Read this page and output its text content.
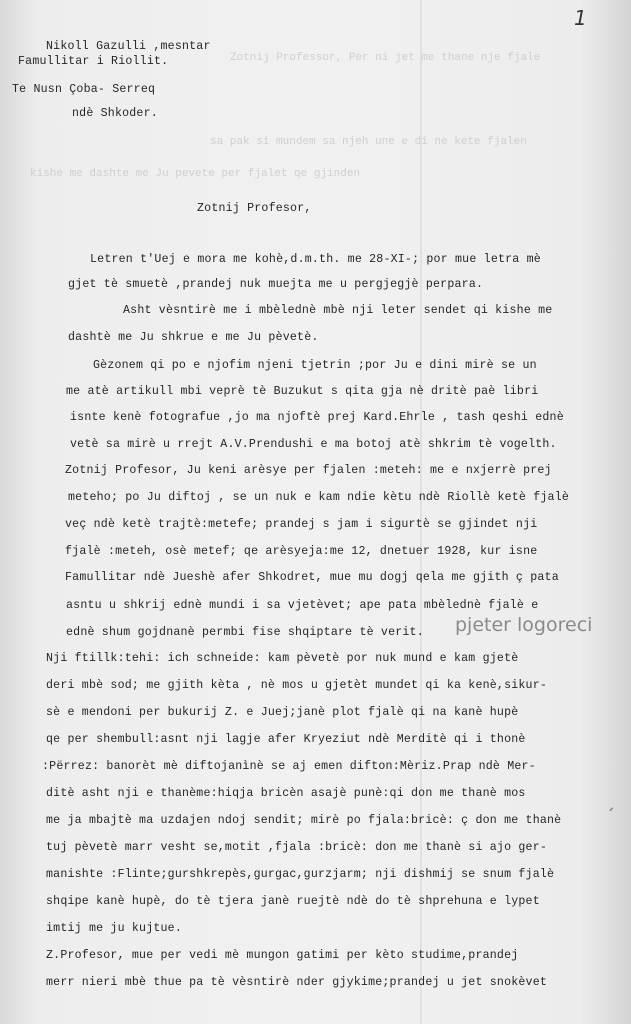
Zotnij Professor, Per ni jet me thane nje fjale
sa pak si mundem sa njeh une e di ne kete fjalen
kishe me dashte me Ju pevete per fjalet qe gjinden
1
Nikoll Gazulli ,mesntar
Famullitar i Riollit.
Te Nusn Çoba- Serreq
ndè Shkoder.
Zotnij Profesor,
Letren t'Uej e mora me kohè,d.m.th. me 28-XI-; por mue letra mè
gjet tè smuetè ,prandej nuk muejta me u pergjegjè perpara.
Asht vèsntirè me i mbèlednè mbè nji leter sendet qi kishe me
dashtè me Ju shkrue e me Ju pèvetè.
Gèzonem qi po e njofim njeni tjetrin ;por Ju e dini mirè se un
me atè artikull mbi veprè tè Buzukut s qita gja nè dritè paè libri
isnte kenè fotografue ,jo ma njoftè prej Kard.Ehrle , tash qeshi ednè
vetè sa mirè u rrejt A.V.Prendushi e ma botoj atè shkrim tè vogelth.
Zotnij Profesor, Ju keni arèsye per fjalen :meteh: me e nxjerrè prej
meteho; po Ju diftoj , se un nuk e kam ndie kètu ndè Riollè ketè fjalè
veç ndè ketè trajtè:metefe; prandej s jam i sigurtè se gjindet nji
fjalè :meteh, osè metef; qe arèsyeja:me 12, dnetuer 1928, kur isne
Famullitar ndè Jueshè afer Shkodret, mue mu dogj qela me gjith ç pata
asntu u shkrij ednè mundi i sa vjetèvet; ape pata mbèlednè fjalè e
ednè shum gojdnanè permbi fise shqiptare tè verit. pjeter logoreci
Nji ftillk:tehi: ich schneide: kam pèvetè por nuk mund e kam gjetè
deri mbè sod; me gjith kèta , nè mos u gjetèt mundet qi ka kenè,sikur-
sè e mendoni per bukurij Z. e Juej;janè plot fjalè qi na kanè hupè
qe per shembull:asnt nji lagje afer Kryeziut ndè Merditè qi i thonè
:Përrez: banorèt mè diftojanìnè se aj emen difton:Mèriz.Prap ndè Mer-
ditè asht nji e thanème:hiqja bricèn asajè punè:qi don me thanè mos
me ja mbajtè ma uzdajen ndoj sendit; mirè po fjala:bricè: ç don me thanè
tuj pèvetè marr vesht se,motit ,fjala :bricè: don me thanè si ajo ger-
manishte :Flinte;gurshkrepès,gurgac,gurzjarm; nji dishmij se snum fjalè
shqipe kanè hupè, do tè tjera janè ruejtè ndè do tè shprehuna e lypet
imtij me ju kujtue.
Z.Profesor, mue per vedi mè mungon gatimi per kèto studime,prandej
merr nieri mbè thue pa tè vèsntirè nder gjykime;prandej u jet snokèvet
´
